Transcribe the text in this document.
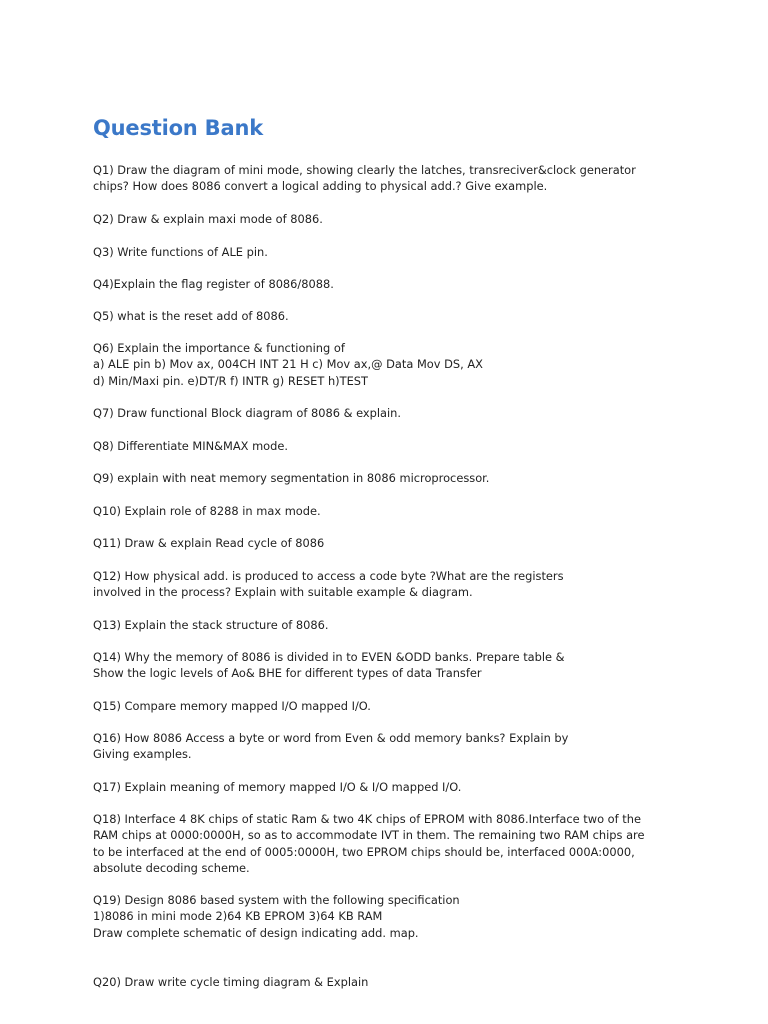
Question Bank

Q1) Draw the diagram of mini mode, showing clearly the latches, transreciver&clock generator
chips? How does 8086 convert a logical adding to physical add.? Give example.

Q2) Draw & explain maxi mode of 8086.

Q3) Write functions of ALE pin.

Q4)Explain the flag register of 8086/8088.

Q5) what is the reset add of 8086.

Q6) Explain the importance & functioning of
a) ALE pin b) Mov ax, 004CH INT 21 H c) Mov ax,@ Data Mov DS, AX
d) Min/Maxi pin. e)DT/R f) INTR g) RESET h)TEST

Q7) Draw functional Block diagram of 8086 & explain.

Q8) Differentiate MIN&MAX mode.

Q9) explain with neat memory segmentation in 8086 microprocessor.

Q10) Explain role of 8288 in max mode.

Q11) Draw & explain Read cycle of 8086

Q12) How physical add. is produced to access a code byte ?What are the registers
involved in the process? Explain with suitable example & diagram.

Q13) Explain the stack structure of 8086.

Q14) Why the memory of 8086 is divided in to EVEN &ODD banks. Prepare table &
Show the logic levels of Ao& BHE for different types of data Transfer

Q15) Compare memory mapped I/O mapped I/O.

Q16) How 8086 Access a byte or word from Even & odd memory banks? Explain by
Giving examples.

Q17) Explain meaning of memory mapped I/O & I/O mapped I/O.

Q18) Interface 4 8K chips of static Ram & two 4K chips of EPROM with 8086.Interface two of the
RAM chips at 0000:0000H, so as to accommodate IVT in them. The remaining two RAM chips are
to be interfaced at the end of 0005:0000H, two EPROM chips should be, interfaced 000A:0000,
absolute decoding scheme.

Q19) Design 8086 based system with the following specification
1)8086 in mini mode 2)64 KB EPROM 3)64 KB RAM
Draw complete schematic of design indicating add. map.

Q20) Draw write cycle timing diagram & Explain
